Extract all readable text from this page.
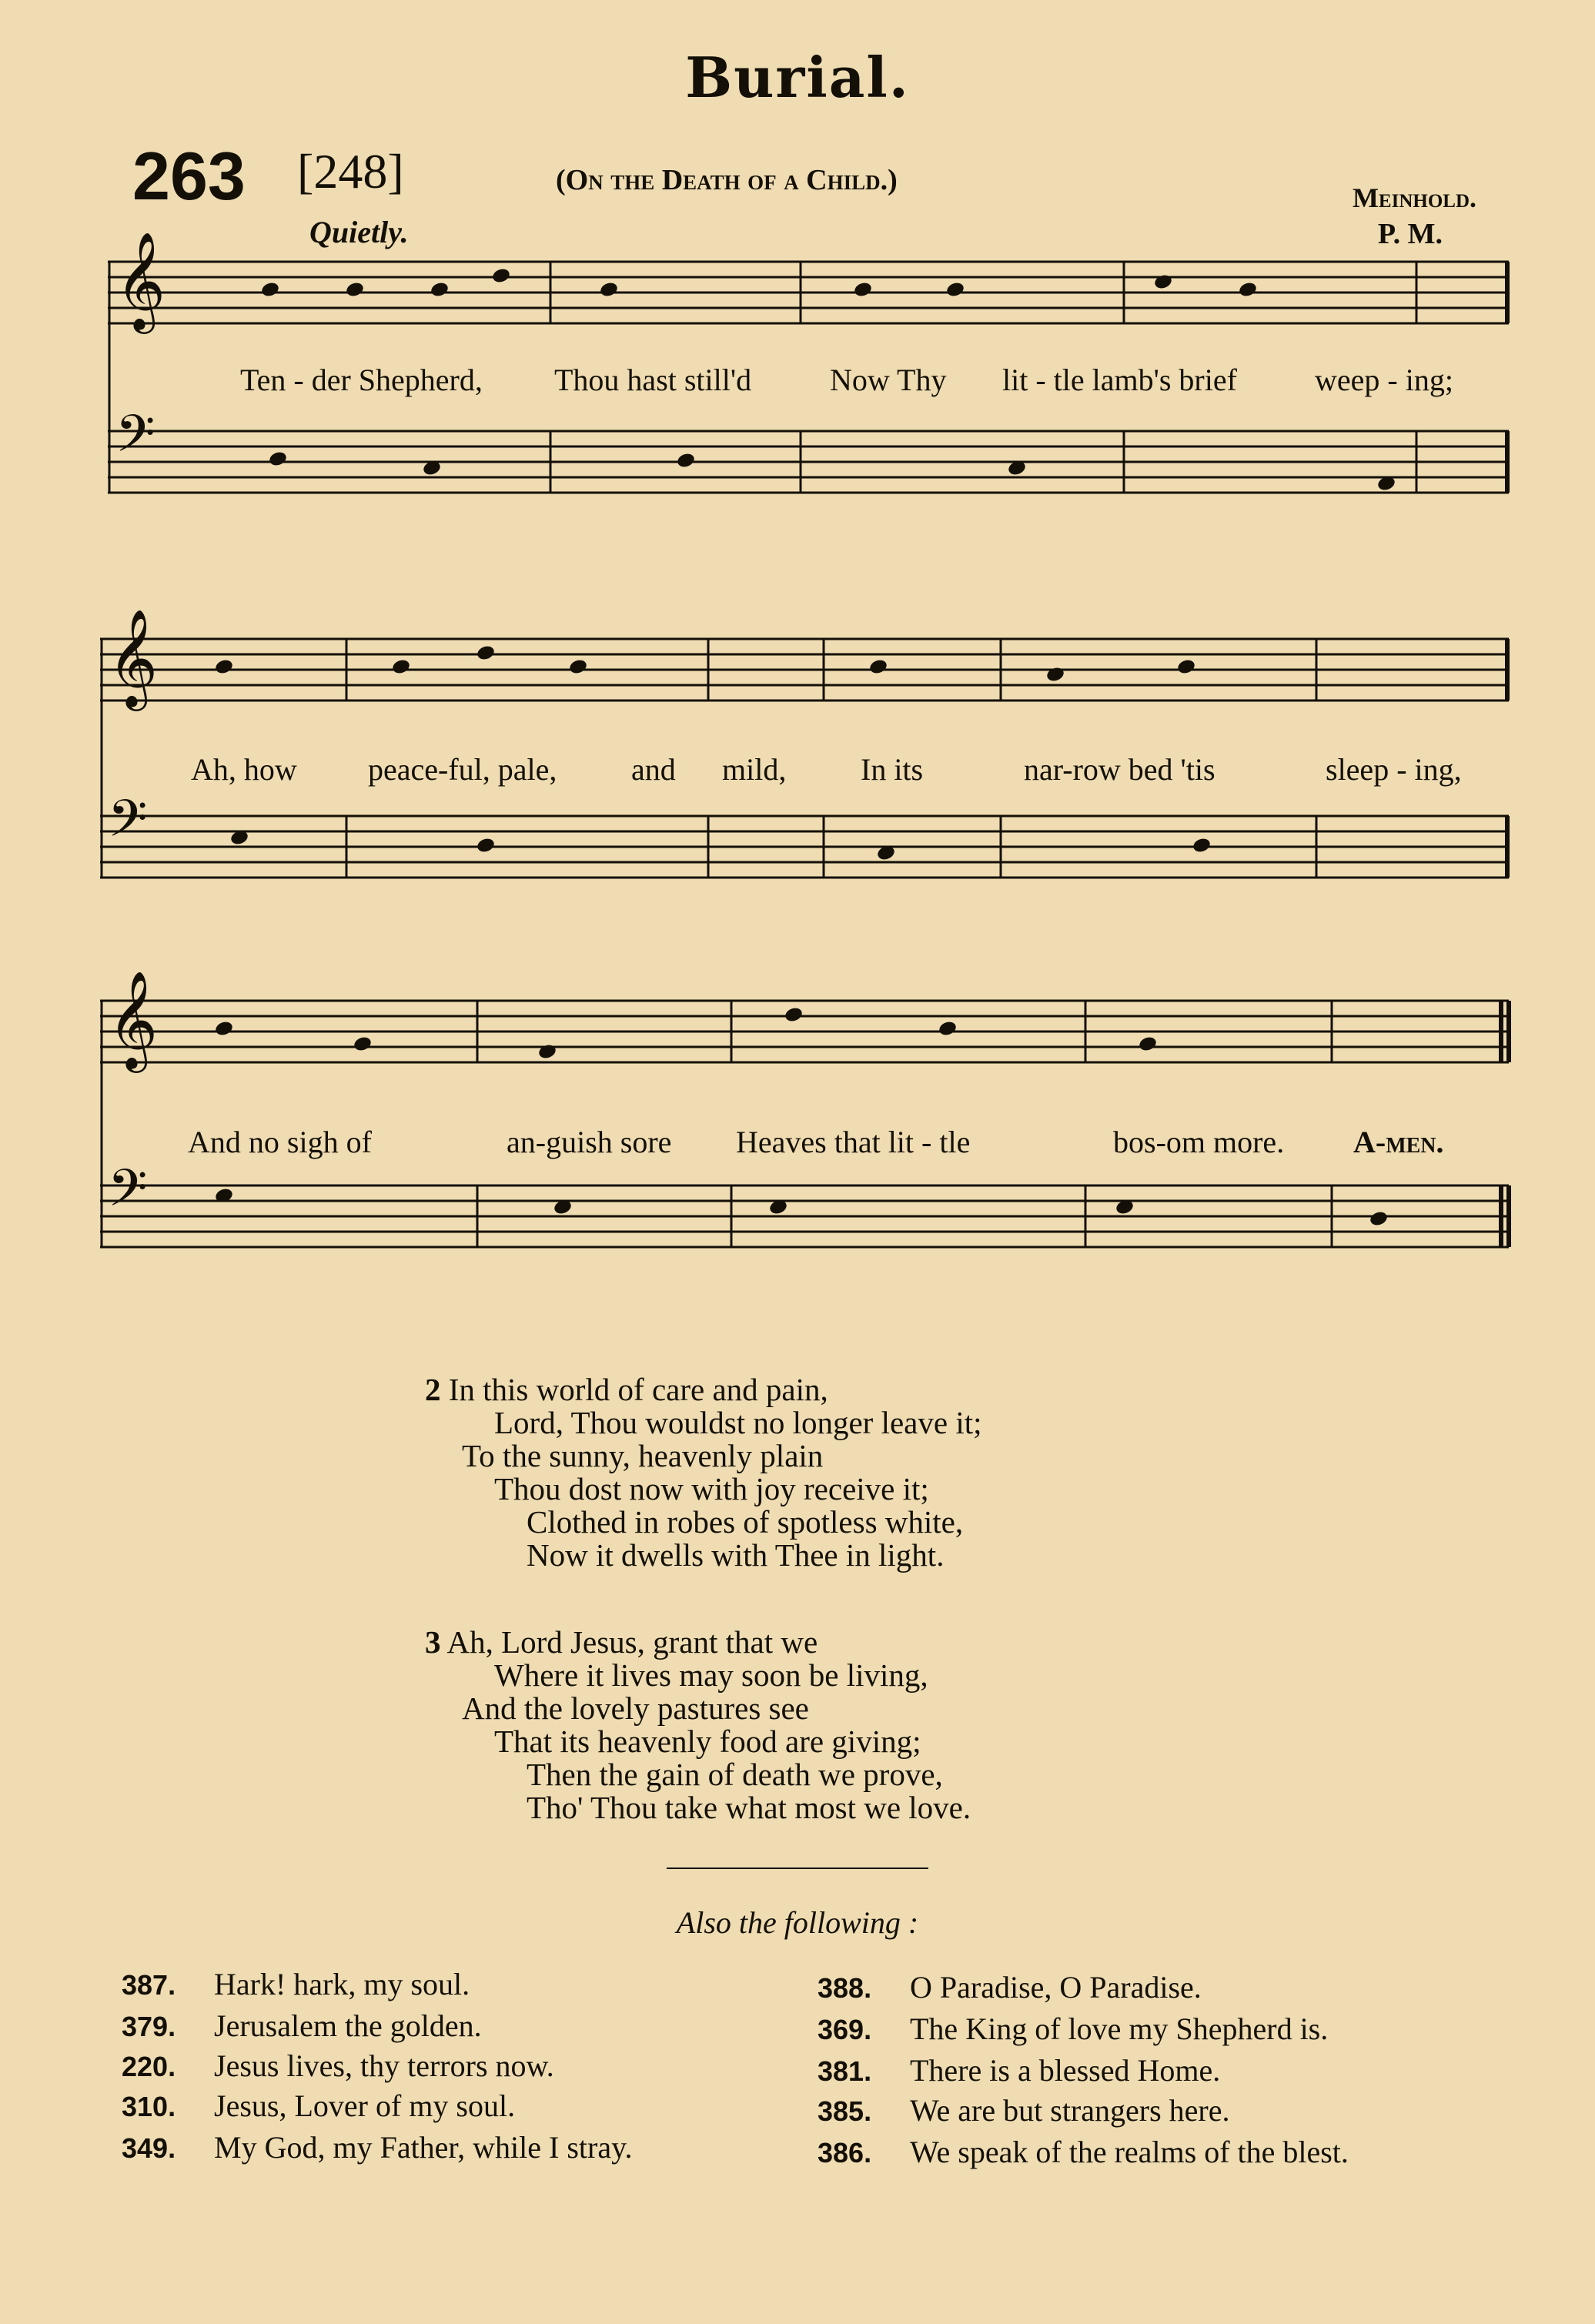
Burial.
263 [248]	(On the Death of a Child.)
Meinhold.
P. M.
Quietly.
𝄞
𝄢
Ten - der Shepherd, Thou hast still'd	Now Thy lit - tle lamb's brief	weep - ing;
𝄞
𝄢
Ah, how peace-ful, pale, and mild, In its	nar-row bed 'tis	sleep - ing,
𝄞
𝄢
And no sigh of	an-guish sore Heaves that lit - tle	bos-om more. A-men.
2 In this world of care and pain,
Lord, Thou wouldst no longer leave it;
To the sunny, heavenly plain
Thou dost now with joy receive it;
Clothed in robes of spotless white,
Now it dwells with Thee in light.
3 Ah, Lord Jesus, grant that we
Where it lives may soon be living,
And the lovely pastures see
That its heavenly food are giving;
Then the gain of death we prove,
Tho' Thou take what most we love.
Also the following :
387. Hark! hark, my soul.
379. Jerusalem the golden.
220. Jesus lives, thy terrors now.
310. Jesus, Lover of my soul.
349. My God, my Father, while I stray.
388. O Paradise, O Paradise.
369. The King of love my Shepherd is.
381. There is a blessed Home.
385. We are but strangers here.
386. We speak of the realms of the blest.
